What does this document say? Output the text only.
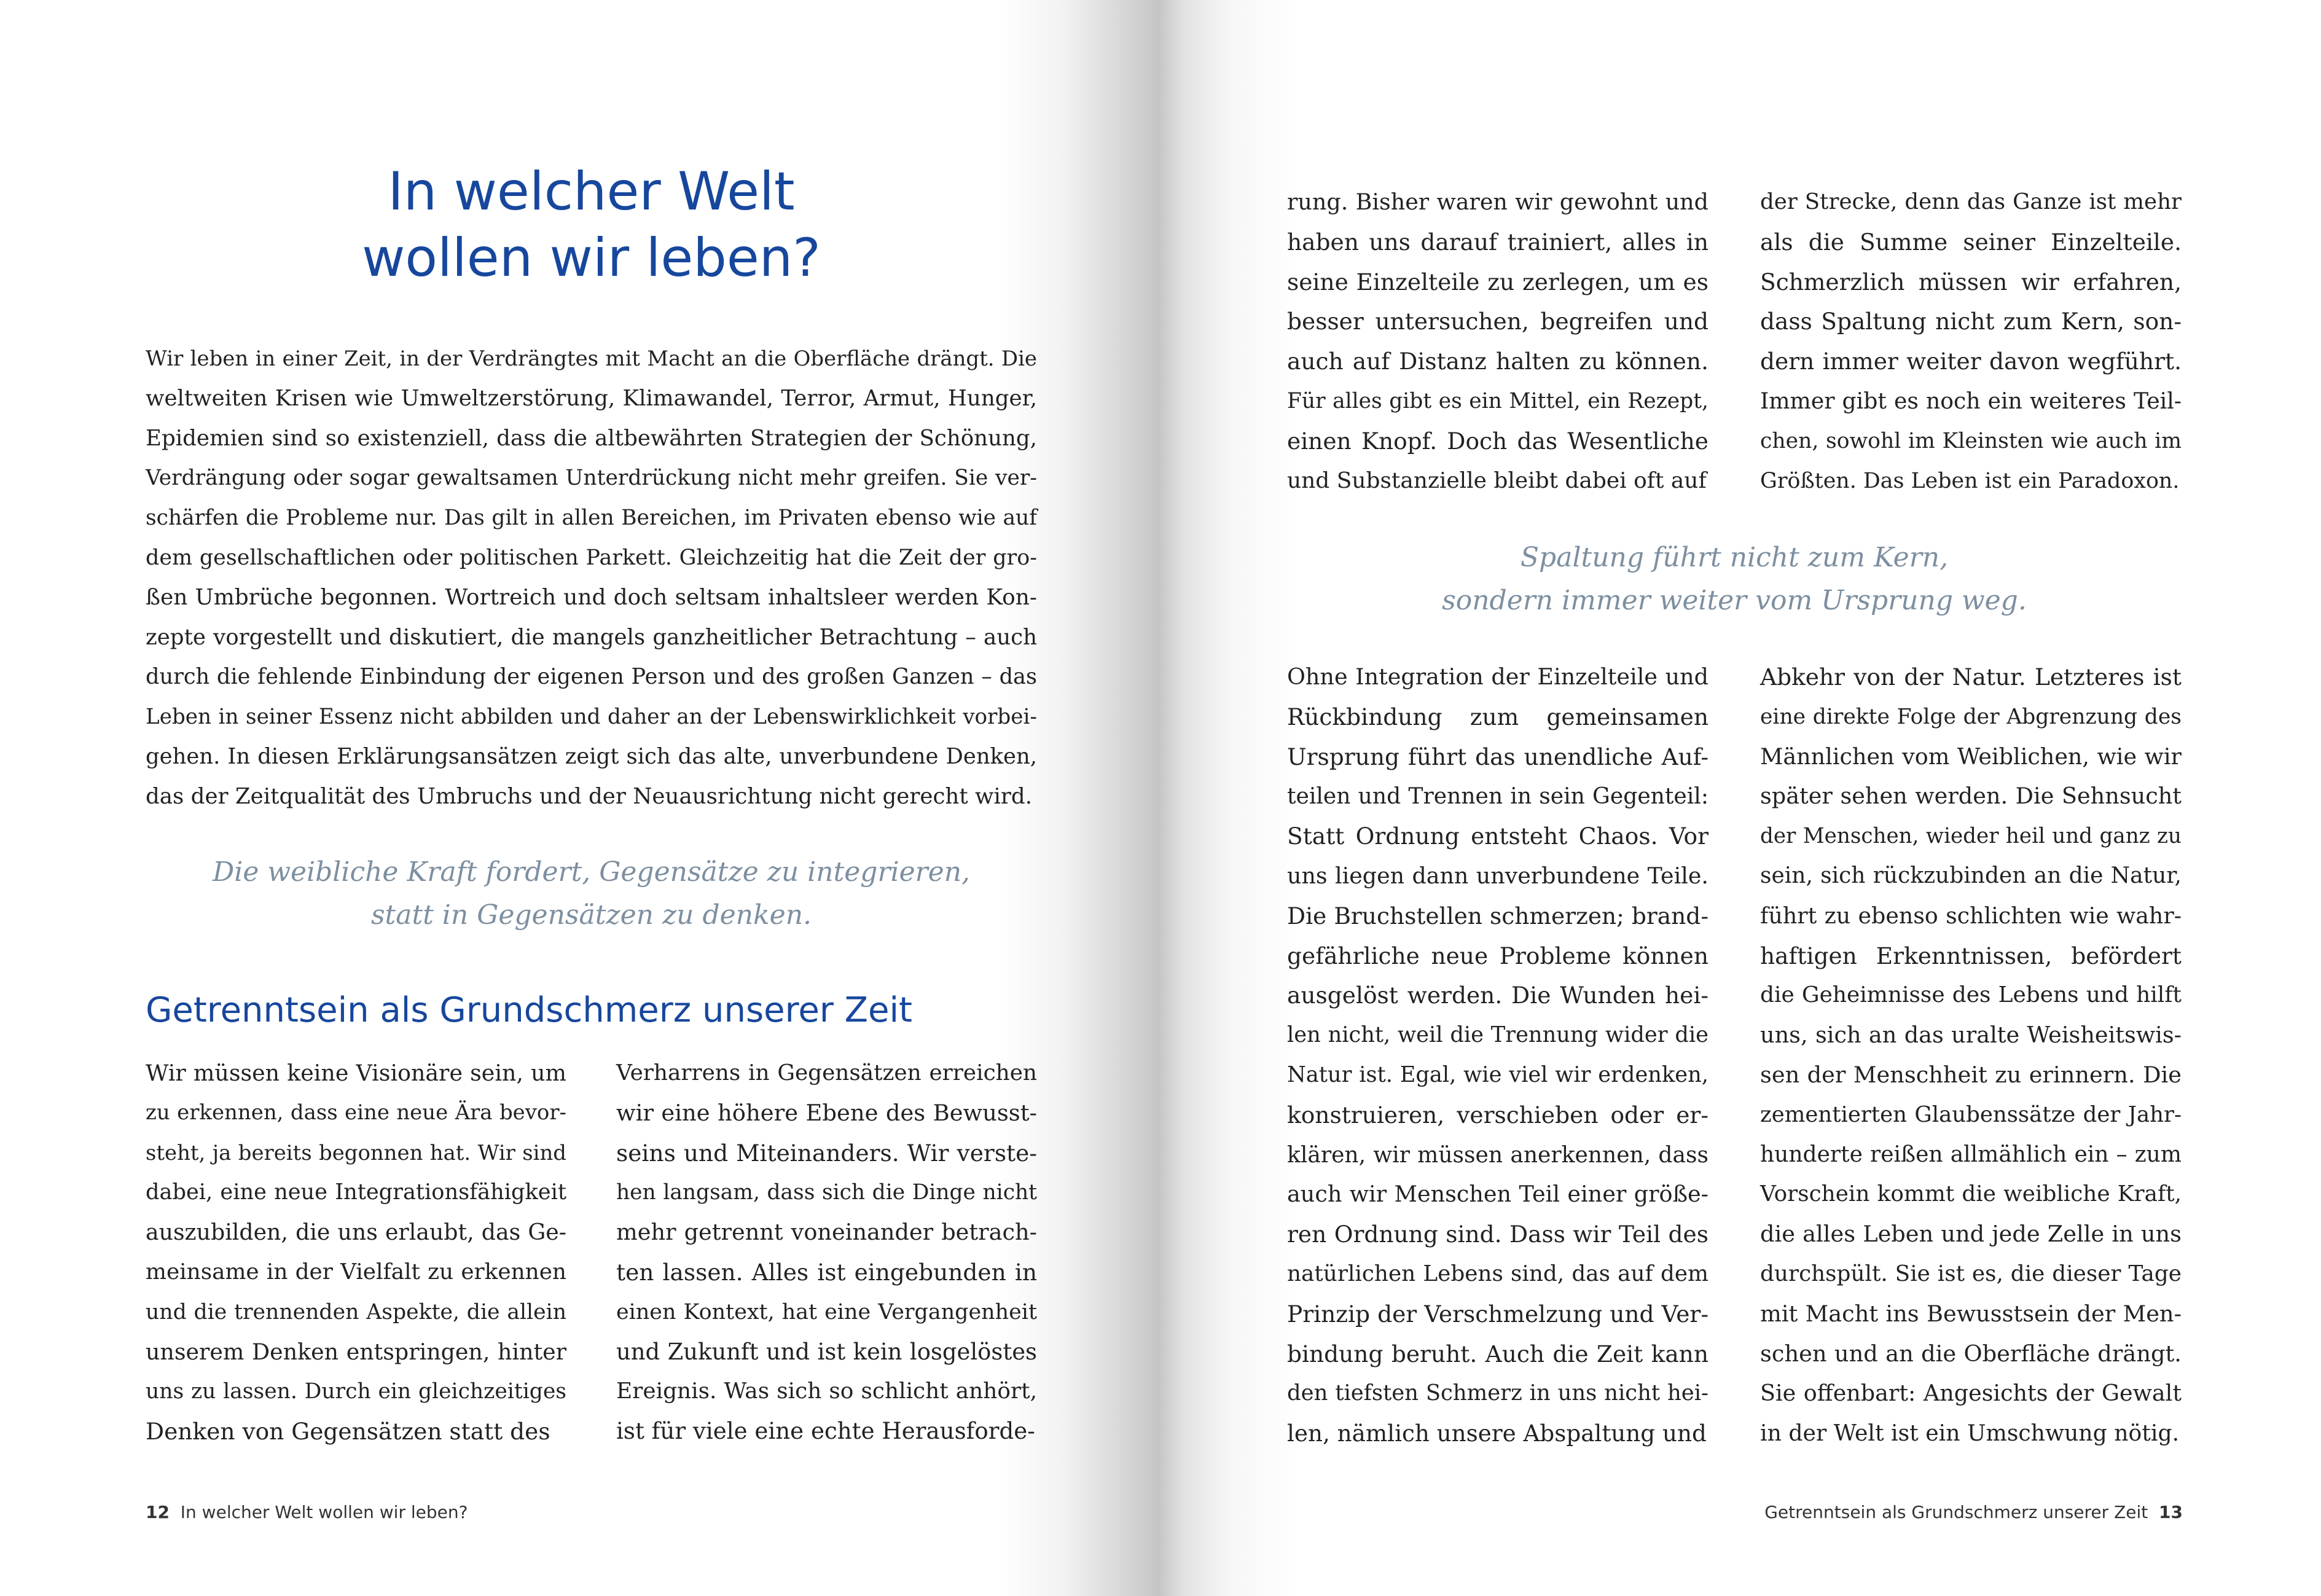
In welcher Welt
wollen wir leben?
Wir leben in einer Zeit, in der Verdrängtes mit Macht an die Oberfläche drängt. Die
weltweiten Krisen wie Umweltzerstörung, Klimawandel, Terror, Armut, Hunger,
Epidemien sind so existenziell, dass die altbewährten Strategien der Schönung,
Verdrängung oder sogar gewaltsamen Unterdrückung nicht mehr greifen. Sie ver-
schärfen die Probleme nur. Das gilt in allen Bereichen, im Privaten ebenso wie auf
dem gesellschaftlichen oder politischen Parkett. Gleichzeitig hat die Zeit der gro-
ßen Umbrüche begonnen. Wortreich und doch seltsam inhaltsleer werden Kon-
zepte vorgestellt und diskutiert, die mangels ganzheitlicher Betrachtung – auch
durch die fehlende Einbindung der eigenen Person und des großen Ganzen – das
Leben in seiner Essenz nicht abbilden und daher an der Lebenswirklichkeit vorbei-
gehen. In diesen Erklärungsansätzen zeigt sich das alte, unverbundene Denken,
das der Zeitqualität des Umbruchs und der Neuausrichtung nicht gerecht wird.
Die weibliche Kraft fordert, Gegensätze zu integrieren,
statt in Gegensätzen zu denken.
Getrenntsein als Grundschmerz unserer Zeit
Wir müssen keine Visionäre sein, um
zu erkennen, dass eine neue Ära bevor-
steht, ja bereits begonnen hat. Wir sind
dabei, eine neue Integrationsfähigkeit
auszubilden, die uns erlaubt, das Ge-
meinsame in der Vielfalt zu erkennen
und die trennenden Aspekte, die allein
unserem Denken entspringen, hinter
uns zu lassen. Durch ein gleichzeitiges
Denken von Gegensätzen statt des
Verharrens in Gegensätzen erreichen
wir eine höhere Ebene des Bewusst-
seins und Miteinanders. Wir verste-
hen langsam, dass sich die Dinge nicht
mehr getrennt voneinander betrach-
ten lassen. Alles ist eingebunden in
einen Kontext, hat eine Vergangenheit
und Zukunft und ist kein losgelöstes
Ereignis. Was sich so schlicht anhört,
ist für viele eine echte Herausforde-
12 In welcher Welt wollen wir leben?
rung. Bisher waren wir gewohnt und
haben uns darauf trainiert, alles in
seine Einzelteile zu zerlegen, um es
besser untersuchen, begreifen und
auch auf Distanz halten zu können.
Für alles gibt es ein Mittel, ein Rezept,
einen Knopf. Doch das Wesentliche
und Substanzielle bleibt dabei oft auf
der Strecke, denn das Ganze ist mehr
als die Summe seiner Einzelteile.
Schmerzlich müssen wir erfahren,
dass Spaltung nicht zum Kern, son-
dern immer weiter davon wegführt.
Immer gibt es noch ein weiteres Teil-
chen, sowohl im Kleinsten wie auch im
Größten. Das Leben ist ein Paradoxon.
Spaltung führt nicht zum Kern,
sondern immer weiter vom Ursprung weg.
Ohne Integration der Einzelteile und
Rückbindung zum gemeinsamen
Ursprung führt das unendliche Auf-
teilen und Trennen in sein Gegenteil:
Statt Ordnung entsteht Chaos. Vor
uns liegen dann unverbundene Teile.
Die Bruchstellen schmerzen; brand-
gefährliche neue Probleme können
ausgelöst werden. Die Wunden hei-
len nicht, weil die Trennung wider die
Natur ist. Egal, wie viel wir erdenken,
konstruieren, verschieben oder er-
klären, wir müssen anerkennen, dass
auch wir Menschen Teil einer größe-
ren Ordnung sind. Dass wir Teil des
natürlichen Lebens sind, das auf dem
Prinzip der Verschmelzung und Ver-
bindung beruht. Auch die Zeit kann
den tiefsten Schmerz in uns nicht hei-
len, nämlich unsere Abspaltung und
Abkehr von der Natur. Letzteres ist
eine direkte Folge der Abgrenzung des
Männlichen vom Weiblichen, wie wir
später sehen werden. Die Sehnsucht
der Menschen, wieder heil und ganz zu
sein, sich rückzubinden an die Natur,
führt zu ebenso schlichten wie wahr-
haftigen Erkenntnissen, befördert
die Geheimnisse des Lebens und hilft
uns, sich an das uralte Weisheitswis-
sen der Menschheit zu erinnern. Die
zementierten Glaubenssätze der Jahr-
hunderte reißen allmählich ein – zum
Vorschein kommt die weibliche Kraft,
die alles Leben und jede Zelle in uns
durchspült. Sie ist es, die dieser Tage
mit Macht ins Bewusstsein der Men-
schen und an die Oberfläche drängt.
Sie offenbart: Angesichts der Gewalt
in der Welt ist ein Umschwung nötig.
Getrenntsein als Grundschmerz unserer Zeit 13
